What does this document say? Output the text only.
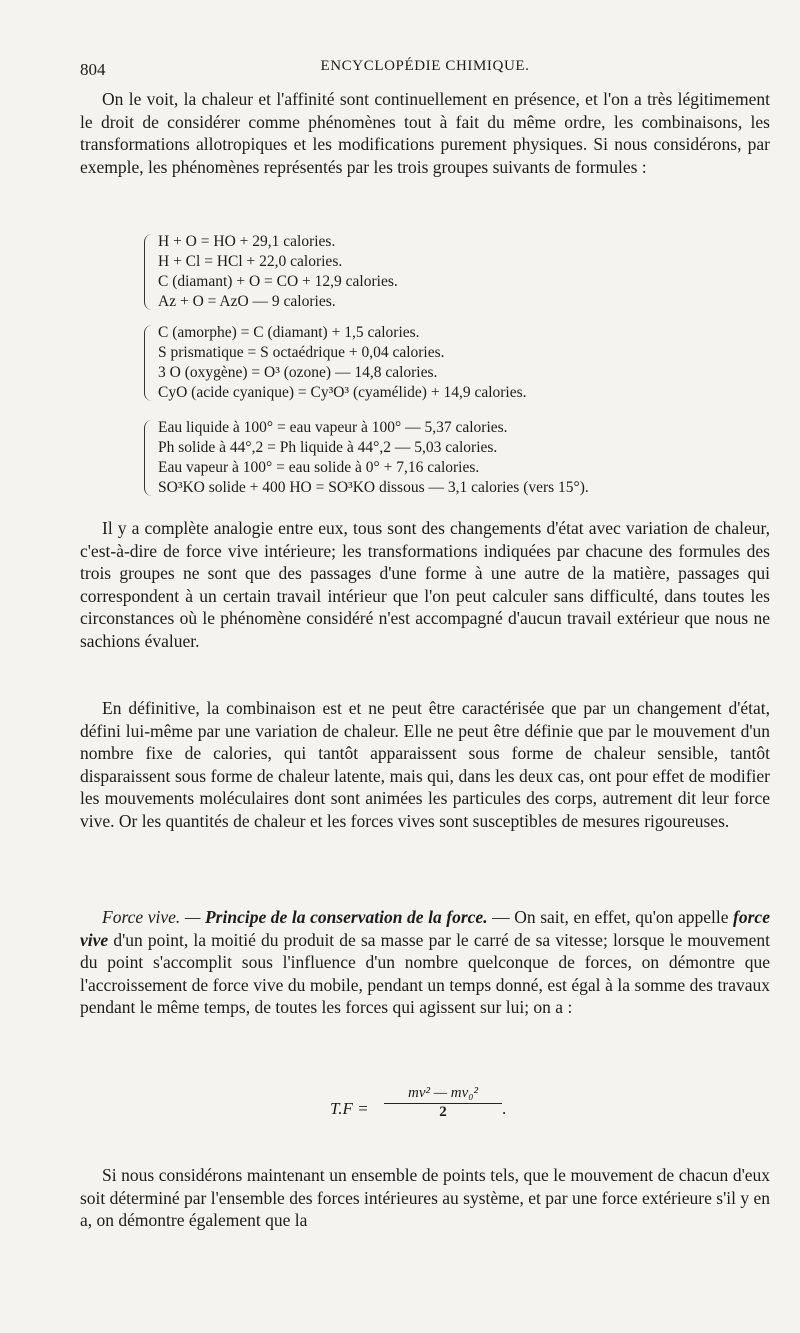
804	ENCYCLOPÉDIE CHIMIQUE.

On le voit, la chaleur et l'affinité sont continuellement en présence, et l'on a très légitimement le droit de considérer comme phénomènes tout à fait du même ordre, les combinaisons, les transformations allotropiques et les modifications purement physiques. Si nous considérons, par exemple, les phénomènes représentés par les trois groupes suivants de formules :

H + O = HO + 29,1 calories.
H + Cl = HCl + 22,0 calories.
C (diamant) + O = CO + 12,9 calories.
Az + O = AzO — 9 calories.
C (amorphe) = C (diamant) + 1,5 calories.
S prismatique = S octaédrique + 0,04 calories.
3 O (oxygène) = O³ (ozone) — 14,8 calories.
CyO (acide cyanique) = Cy³O³ (cyamélide) + 14,9 calories.
Eau liquide à 100° = eau vapeur à 100° — 5,37 calories.
Ph solide à 44°,2 = Ph liquide à 44°,2 — 5,03 calories.
Eau vapeur à 100° = eau solide à 0° + 7,16 calories.
SO³KO solide + 400 HO = SO³KO dissous — 3,1 calories (vers 15°).

Il y a complète analogie entre eux, tous sont des changements d'état avec variation de chaleur, c'est-à-dire de force vive intérieure; les transformations indiquées par chacune des formules des trois groupes ne sont que des passages d'une forme à une autre de la matière, passages qui correspondent à un certain travail intérieur que l'on peut calculer sans difficulté, dans toutes les circonstances où le phénomène considéré n'est accompagné d'aucun travail extérieur que nous ne sachions évaluer.

En définitive, la combinaison est et ne peut être caractérisée que par un changement d'état, défini lui-même par une variation de chaleur. Elle ne peut être définie que par le mouvement d'un nombre fixe de calories, qui tantôt apparaissent sous forme de chaleur sensible, tantôt disparaissent sous forme de chaleur latente, mais qui, dans les deux cas, ont pour effet de modifier les mouvements moléculaires dont sont animées les particules des corps, autrement dit leur force vive. Or les quantités de chaleur et les forces vives sont susceptibles de mesures rigoureuses.

Force vive. — Principe de la conservation de la force. — On sait, en effet, qu'on appelle force vive d'un point, la moitié du produit de sa masse par le carré de sa vitesse; lorsque le mouvement du point s'accomplit sous l'influence d'un nombre quelconque de forces, on démontre que l'accroissement de force vive du mobile, pendant un temps donné, est égal à la somme des travaux pendant le même temps, de toutes les forces qui agissent sur lui; on a :

$T.F = \frac{\text{mv² — mv₀²}}{2}$ .

Si nous considérons maintenant un ensemble de points tels, que le mouvement de chacun d'eux soit déterminé par l'ensemble des forces intérieures au système, et par une force extérieure s'il y en a, on démontre également que la
